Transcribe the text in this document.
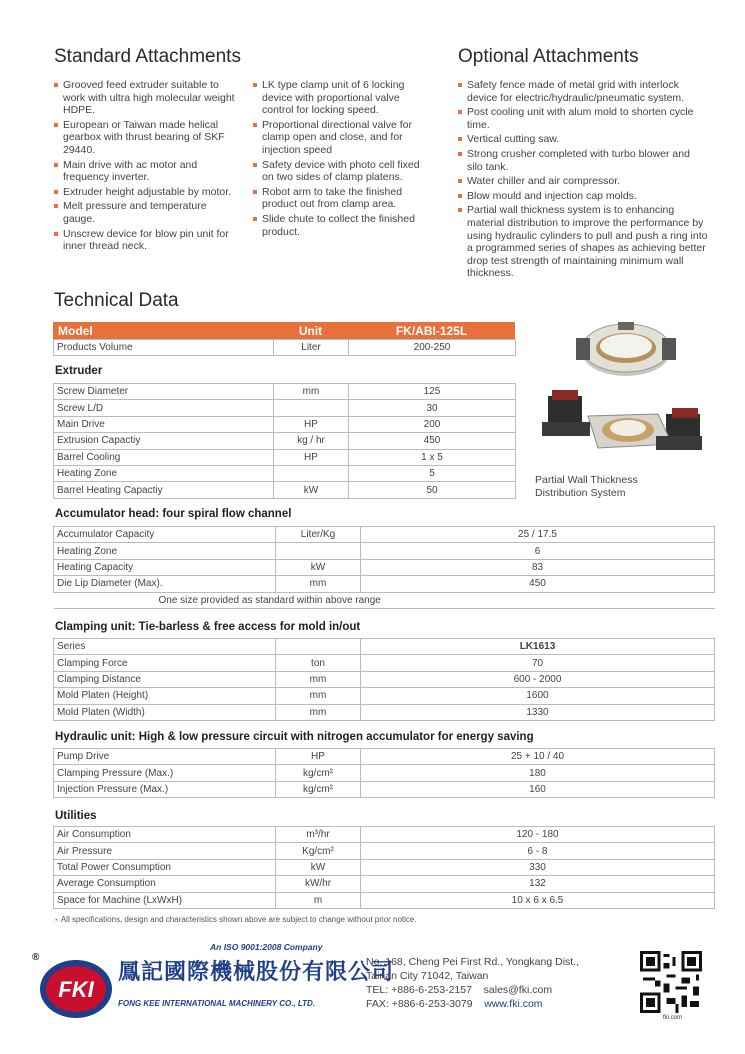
Standard Attachments	Optional Attachments
Grooved feed extruder suitable to work with ultra high molecular weight HDPE.
European or Taiwan made helical gearbox with thrust bearing of SKF 29440.
Main drive with ac motor and frequency inverter.
Extruder height adjustable by motor.
Melt pressure and temperature gauge.
Unscrew device for blow pin unit for inner thread neck.
LK type clamp unit of 6 locking device with proportional valve control for locking speed.
Proportional directional valve for clamp open and close, and for injection speed
Safety device with photo cell fixed on two sides of clamp platens.
Robot arm to take the finished product out from clamp area.
Slide chute to collect the finished product.
Safety fence made of metal grid with interlock device for electric/hydraulic/pneumatic system.
Post cooling unit with alum mold to shorten cycle time.
Vertical cutting saw.
Strong crusher completed with turbo blower and silo tank.
Water chiller and air compressor.
Blow mould and injection cap molds.
Partial wall thickness system is to enhancing material distribution to improve the performance by using hydraulic cylinders to pull and push a ring into a programmed series of shapes as achieving better drop test strength of maintaining minimum wall thickness.
Technical Data
Model	Unit	FK/ABI-125L
Products Volume	Liter	200-250
Extruder
Screw Diameter	mm	125
Screw L/D		30
Main Drive	HP	200
Extrusion Capactiy	kg / hr	450
Barrel Cooling	HP	1 x 5
Heating Zone		5
Barrel Heating Capactiy	kW	50
Partial Wall Thickness Distribution System
Accumulator head: four spiral flow channel
Accumulator Capacity	Liter/Kg	25 / 17.5
Heating Zone		6
Heating Capacity	kW	83
Die Lip Diameter (Max).	mm	450
One size provided as standard within above range		
Clamping unit: Tie-barless & free access for mold in/out
Series		LK1613
Clamping Force	ton	70
Clamping Distance	mm	600 - 2000
Mold Platen (Height)	mm	1600
Mold Platen (Width)	mm	1330
Hydraulic unit: High & low pressure circuit with nitrogen accumulator for energy saving
Pump Drive	HP	25 + 10 / 40
Clamping Pressure (Max.)	kg/cm²	180
Injection Pressure (Max.)	kg/cm²	160
Utilities
Air Consumption	m³/hr	120 - 180
Air Pressure	Kg/cm²	6 - 8
Total Power Consumption	kW	330
Average Consumption	kW/hr	132
Space for Machine (LxWxH)	m	10 x 6 x 6.5
▪ All specifications, design and characteristics shown above are subject to change without prior notice.
®
FKI
An ISO 9001:2008 Company
鳳記國際機械股份有限公司
FONG KEE INTERNATIONAL MACHINERY CO., LTD.
No. 168, Cheng Pei First Rd., Yongkang Dist.,
Tainan City 71042, Taiwan
TEL: +886-6-253-2157 sales@fki.com
FAX: +886-6-253-3079 www.fki.com
fki.com
